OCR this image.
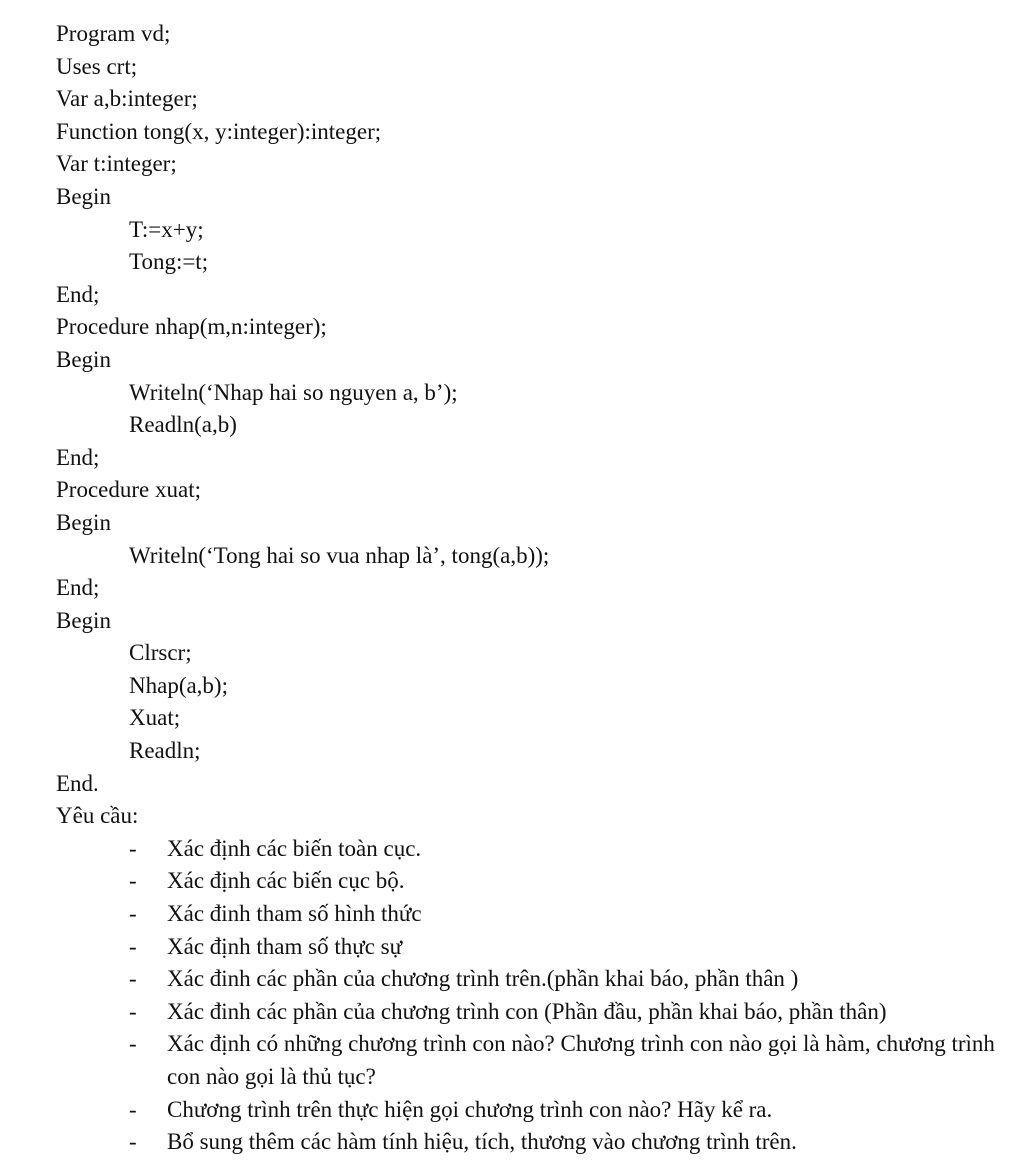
Program vd;
Uses crt;
Var a,b:integer;
Function tong(x, y:integer):integer;
Var t:integer;
Begin
T:=x+y;
Tong:=t;
End;
Procedure nhap(m,n:integer);
Begin
Writeln(‘Nhap hai so nguyen a, b’);
Readln(a,b)
End;
Procedure xuat;
Begin
Writeln(‘Tong hai so vua nhap là’, tong(a,b));
End;
Begin
Clrscr;
Nhap(a,b);
Xuat;
Readln;
End.
Yêu cầu:
- Xác định các biến toàn cục.
- Xác định các biến cục bộ.
- Xác đinh tham số hình thức
- Xác định tham số thực sự
- Xác đinh các phần của chương trình trên.(phần khai báo, phần thân )
- Xác đinh các phần của chương trình con (Phần đầu, phần khai báo, phần thân)
- Xác định có những chương trình con nào? Chương trình con nào gọi là hàm, chương trình con nào gọi là thủ tục?
- Chương trình trên thực hiện gọi chương trình con nào? Hãy kể ra.
- Bổ sung thêm các hàm tính hiệu, tích, thương vào chương trình trên.
